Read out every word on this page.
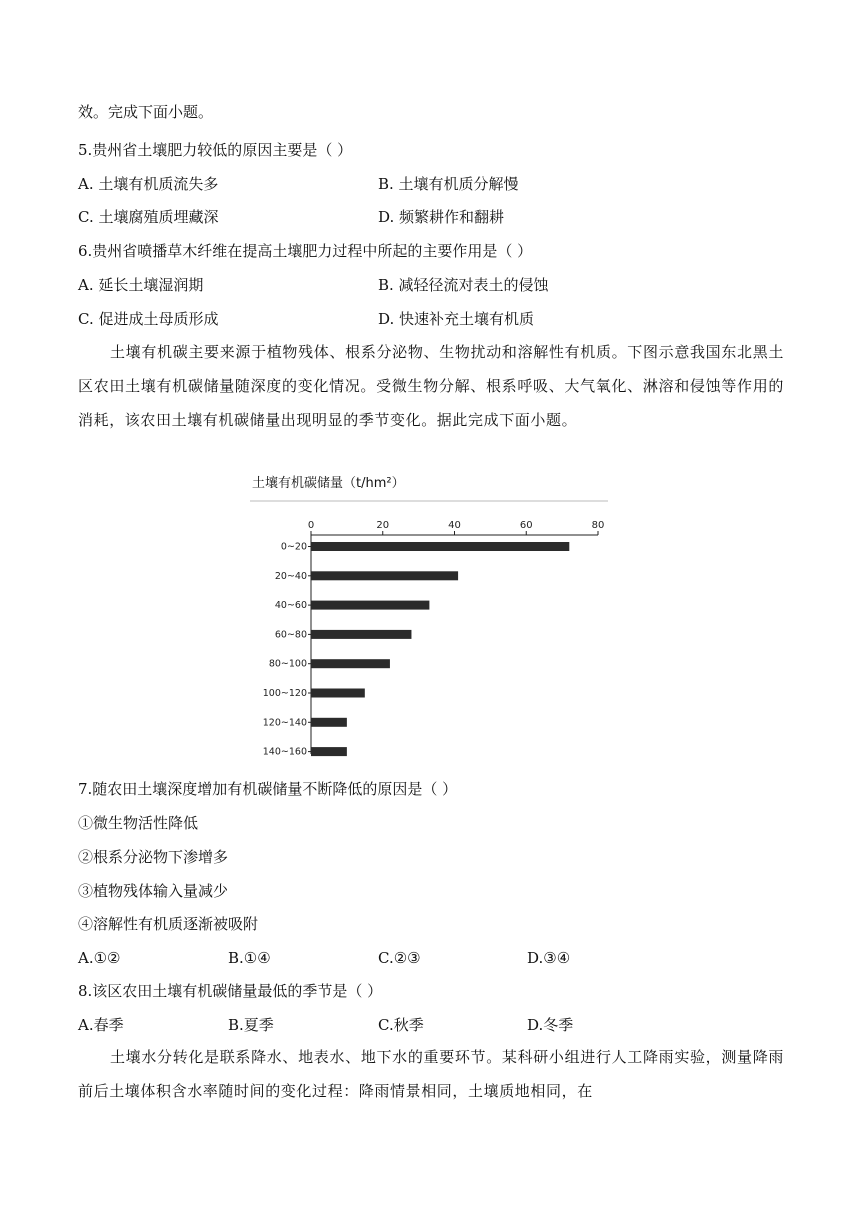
效。完成下面小题。
5.贵州省土壤肥力较低的原因主要是（ ）
A. 土壤有机质流失多	B. 土壤有机质分解慢
C. 土壤腐殖质埋藏深	D. 频繁耕作和翻耕
6.贵州省喷播草木纤维在提高土壤肥力过程中所起的主要作用是（ ）
A. 延长土壤湿润期	B. 减轻径流对表土的侵蚀
C. 促进成土母质形成	D. 快速补充土壤有机质
土壤有机碳主要来源于植物残体、根系分泌物、生物扰动和溶解性有机质。下图示意我国东北黑土区农田土壤有机碳储量随深度的变化情况。受微生物分解、根系呼吸、大气氧化、淋溶和侵蚀等作用的消耗，该农田土壤有机碳储量出现明显的季节变化。据此完成下面小题。
土壤有机碳储量（t/hm²）
0	20	40	60	80
0~20
20~40
40~60
60~80
80~100
100~120
120~140
140~160
7.随农田土壤深度增加有机碳储量不断降低的原因是（ ）
①微生物活性降低
②根系分泌物下渗增多
③植物残体输入量减少
④溶解性有机质逐渐被吸附
A.①②	B.①④	C.②③	D.③④
8.该区农田土壤有机碳储量最低的季节是（ ）
A.春季	B.夏季	C.秋季	D.冬季
土壤水分转化是联系降水、地表水、地下水的重要环节。某科研小组进行人工降雨实验，测量降雨前后土壤体积含水率随时间的变化过程：降雨情景相同，土壤质地相同，在
